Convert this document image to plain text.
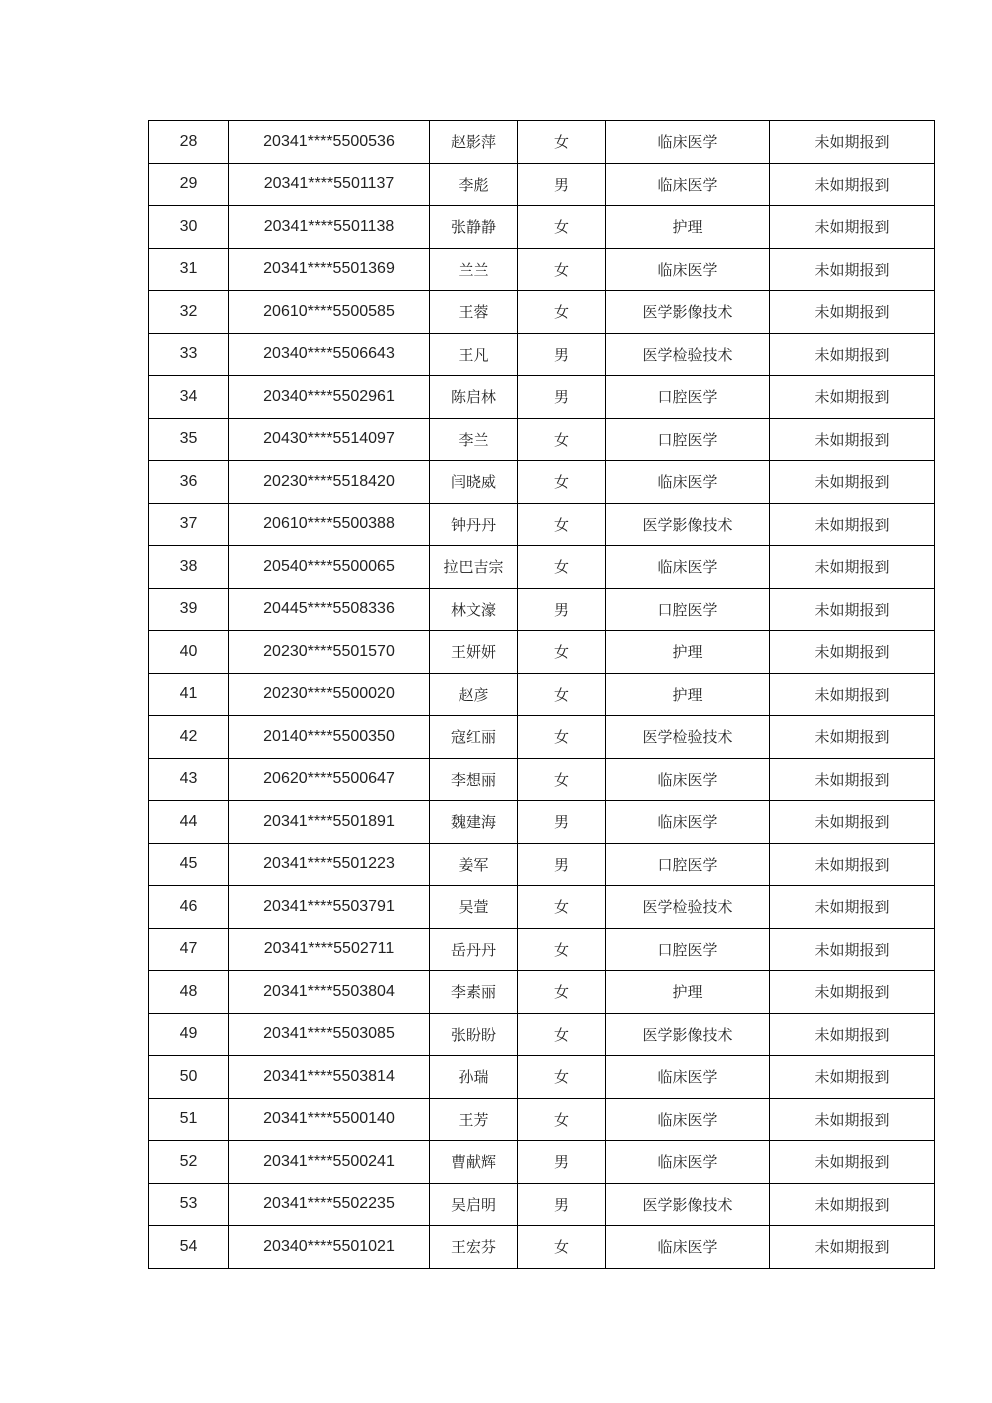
28	20341****5500536	赵影萍	女	临床医学	未如期报到
29	20341****5501137	李彪	男	临床医学	未如期报到
30	20341****5501138	张静静	女	护理	未如期报到
31	20341****5501369	兰兰	女	临床医学	未如期报到
32	20610****5500585	王蓉	女	医学影像技术	未如期报到
33	20340****5506643	王凡	男	医学检验技术	未如期报到
34	20340****5502961	陈启林	男	口腔医学	未如期报到
35	20430****5514097	李兰	女	口腔医学	未如期报到
36	20230****5518420	闫晓威	女	临床医学	未如期报到
37	20610****5500388	钟丹丹	女	医学影像技术	未如期报到
38	20540****5500065	拉巴吉宗	女	临床医学	未如期报到
39	20445****5508336	林文濠	男	口腔医学	未如期报到
40	20230****5501570	王妍妍	女	护理	未如期报到
41	20230****5500020	赵彦	女	护理	未如期报到
42	20140****5500350	寇红丽	女	医学检验技术	未如期报到
43	20620****5500647	李想丽	女	临床医学	未如期报到
44	20341****5501891	魏建海	男	临床医学	未如期报到
45	20341****5501223	姜军	男	口腔医学	未如期报到
46	20341****5503791	吴萱	女	医学检验技术	未如期报到
47	20341****5502711	岳丹丹	女	口腔医学	未如期报到
48	20341****5503804	李素丽	女	护理	未如期报到
49	20341****5503085	张盼盼	女	医学影像技术	未如期报到
50	20341****5503814	孙瑞	女	临床医学	未如期报到
51	20341****5500140	王芳	女	临床医学	未如期报到
52	20341****5500241	曹献辉	男	临床医学	未如期报到
53	20341****5502235	吴启明	男	医学影像技术	未如期报到
54	20340****5501021	王宏芬	女	临床医学	未如期报到
